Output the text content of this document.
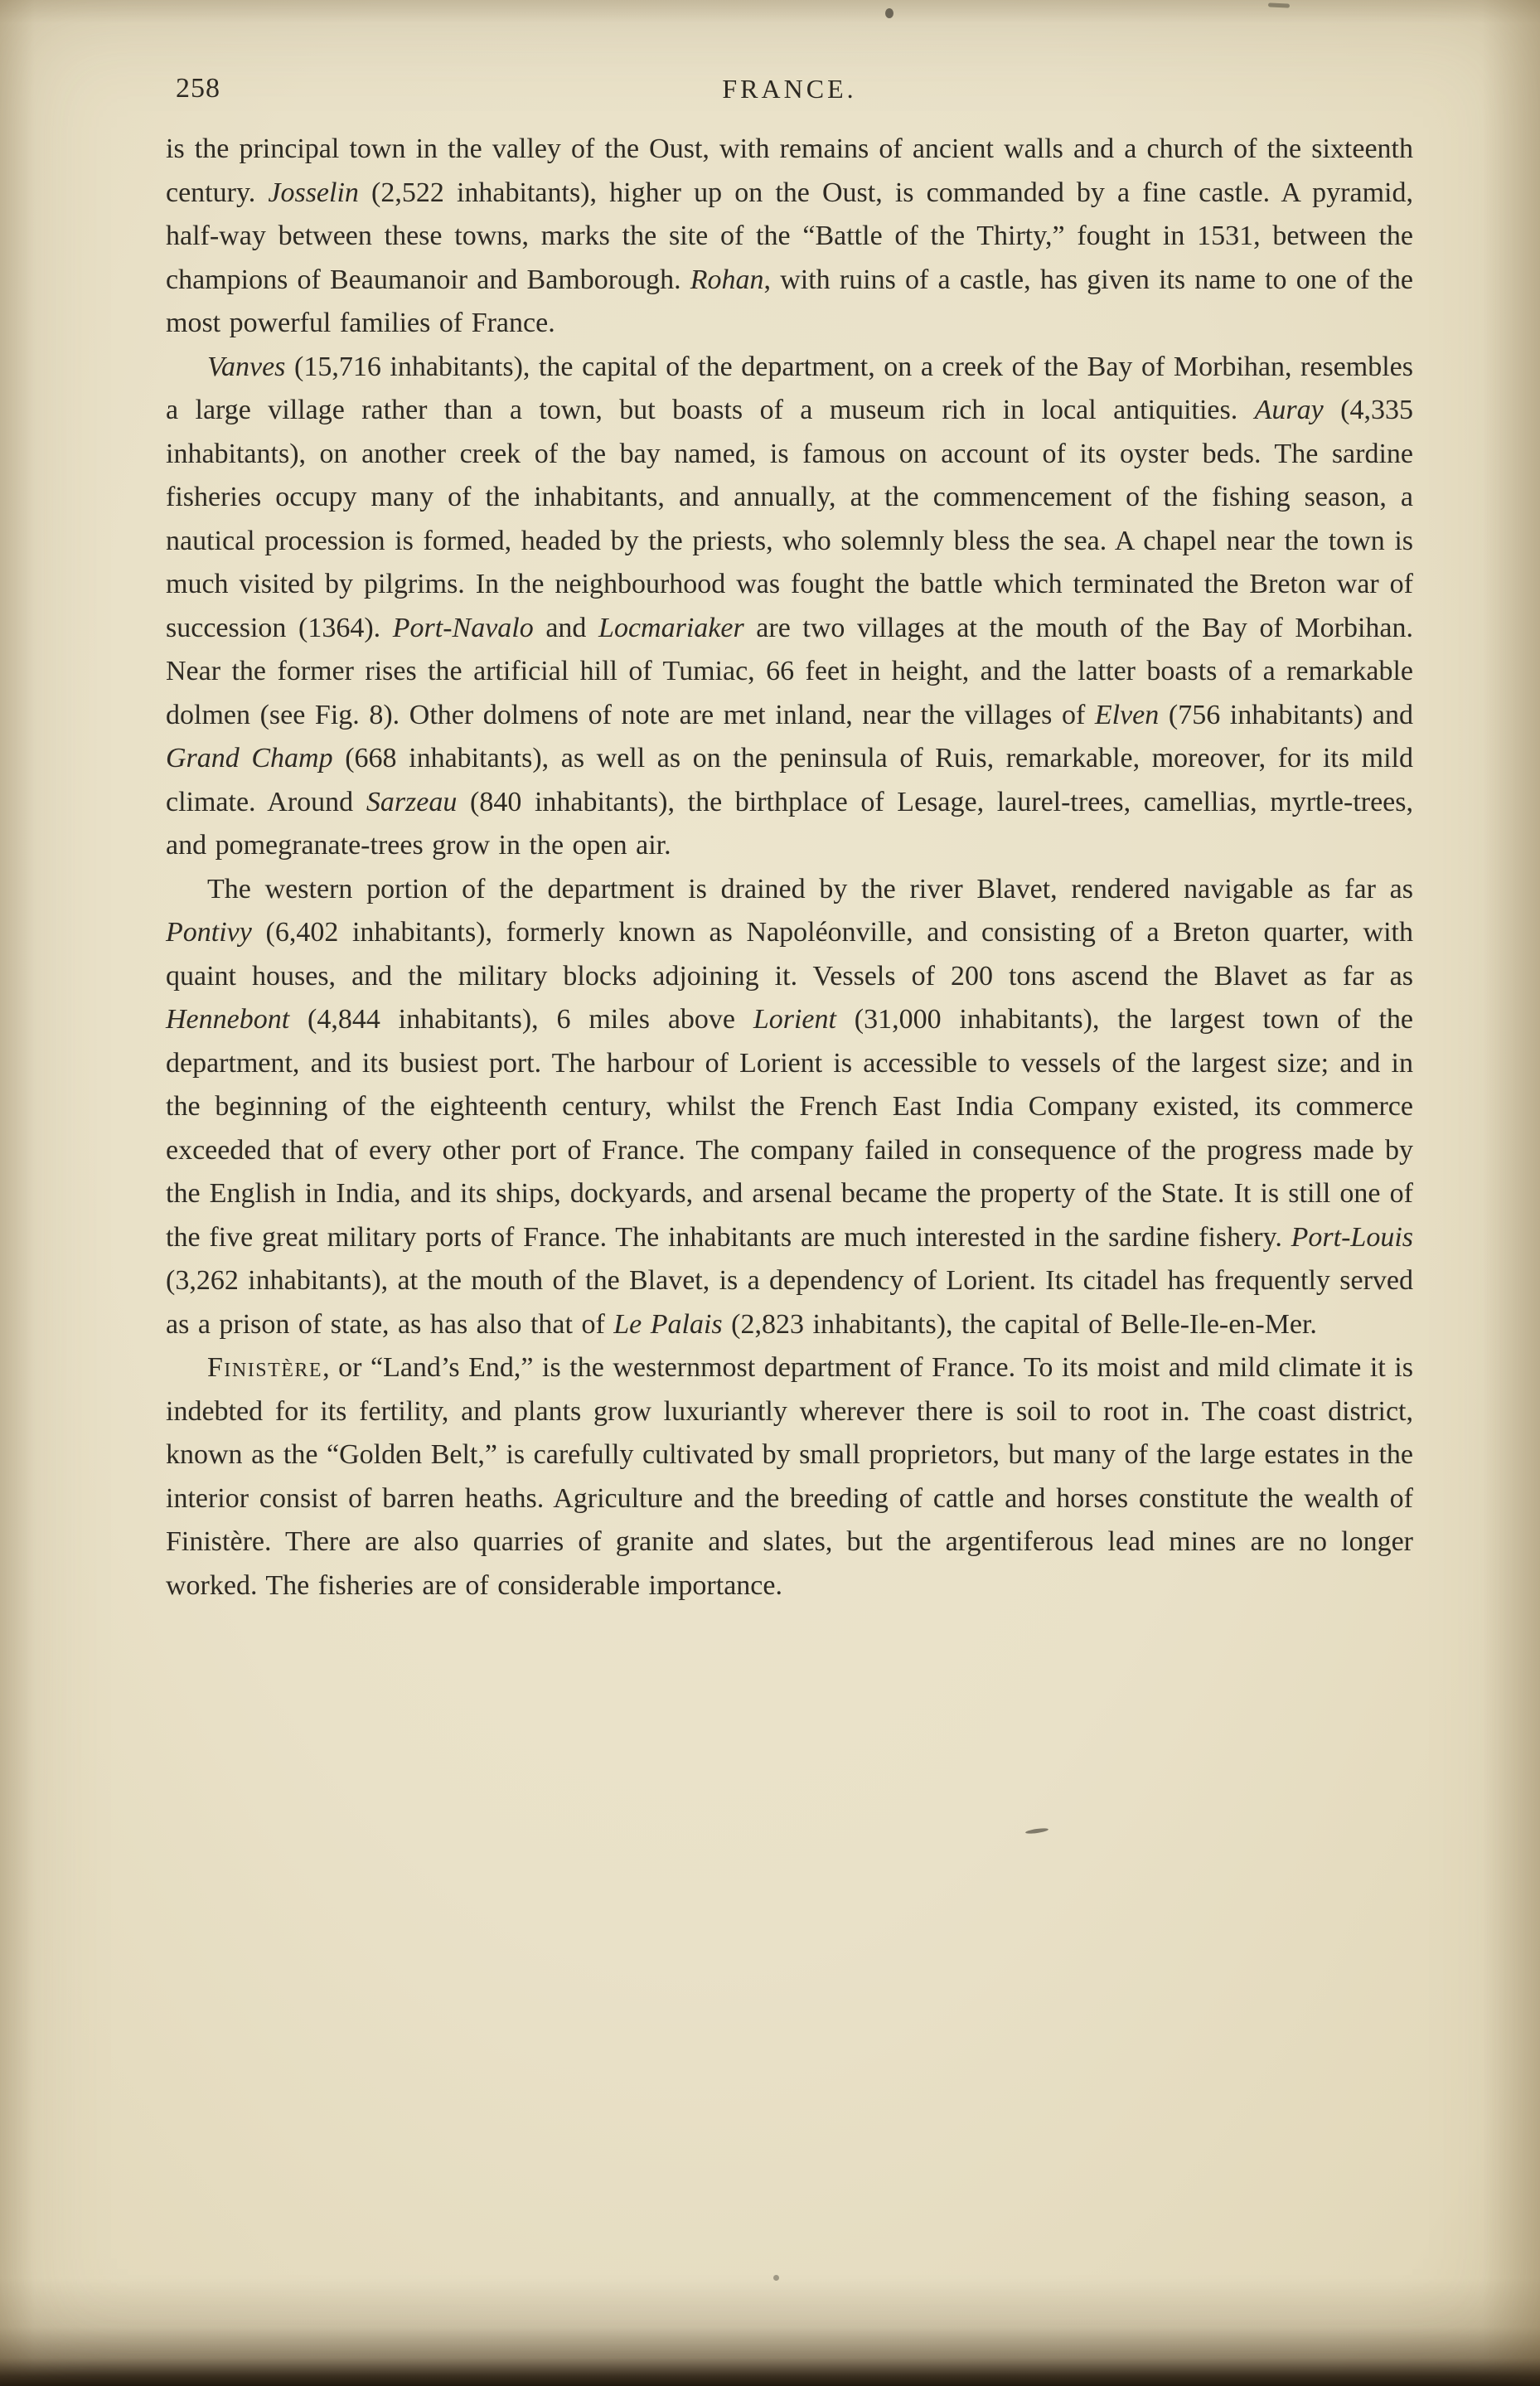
258	FRANCE.

is the principal town in the valley of the Oust, with remains of ancient walls and a church of the sixteenth century. Josselin (2,522 inhabitants), higher up on the Oust, is commanded by a fine castle. A pyramid, half-way between these towns, marks the site of the “Battle of the Thirty,” fought in 1531, between the champions of Beaumanoir and Bamborough. Rohan, with ruins of a castle, has given its name to one of the most powerful families of France.

Vanves (15,716 inhabitants), the capital of the department, on a creek of the Bay of Morbihan, resembles a large village rather than a town, but boasts of a museum rich in local antiquities. Auray (4,335 inhabitants), on another creek of the bay named, is famous on account of its oyster beds. The sardine fisheries occupy many of the inhabitants, and annually, at the commencement of the fishing season, a nautical procession is formed, headed by the priests, who solemnly bless the sea. A chapel near the town is much visited by pilgrims. In the neighbourhood was fought the battle which terminated the Breton war of succession (1364). Port-Navalo and Locmariaker are two villages at the mouth of the Bay of Morbihan. Near the former rises the artificial hill of Tumiac, 66 feet in height, and the latter boasts of a remarkable dolmen (see Fig. 8). Other dolmens of note are met inland, near the villages of Elven (756 inhabitants) and Grand Champ (668 inhabitants), as well as on the peninsula of Ruis, remarkable, moreover, for its mild climate. Around Sarzeau (840 inhabitants), the birthplace of Lesage, laurel-trees, camellias, myrtle-trees, and pomegranate-trees grow in the open air.

The western portion of the department is drained by the river Blavet, rendered navigable as far as Pontivy (6,402 inhabitants), formerly known as Napoléonville, and consisting of a Breton quarter, with quaint houses, and the military blocks adjoining it. Vessels of 200 tons ascend the Blavet as far as Hennebont (4,844 inhabitants), 6 miles above Lorient (31,000 inhabitants), the largest town of the department, and its busiest port. The harbour of Lorient is accessible to vessels of the largest size; and in the beginning of the eighteenth century, whilst the French East India Company existed, its commerce exceeded that of every other port of France. The company failed in consequence of the progress made by the English in India, and its ships, dockyards, and arsenal became the property of the State. It is still one of the five great military ports of France. The inhabitants are much interested in the sardine fishery. Port-Louis (3,262 inhabitants), at the mouth of the Blavet, is a dependency of Lorient. Its citadel has frequently served as a prison of state, as has also that of Le Palais (2,823 inhabitants), the capital of Belle-Ile-en-Mer.

Finistère, or “Land’s End,” is the westernmost department of France. To its moist and mild climate it is indebted for its fertility, and plants grow luxuriantly wherever there is soil to root in. The coast district, known as the “Golden Belt,” is carefully cultivated by small proprietors, but many of the large estates in the interior consist of barren heaths. Agriculture and the breeding of cattle and horses constitute the wealth of Finistère. There are also quarries of granite and slates, but the argentiferous lead mines are no longer worked. The fisheries are of considerable importance.
